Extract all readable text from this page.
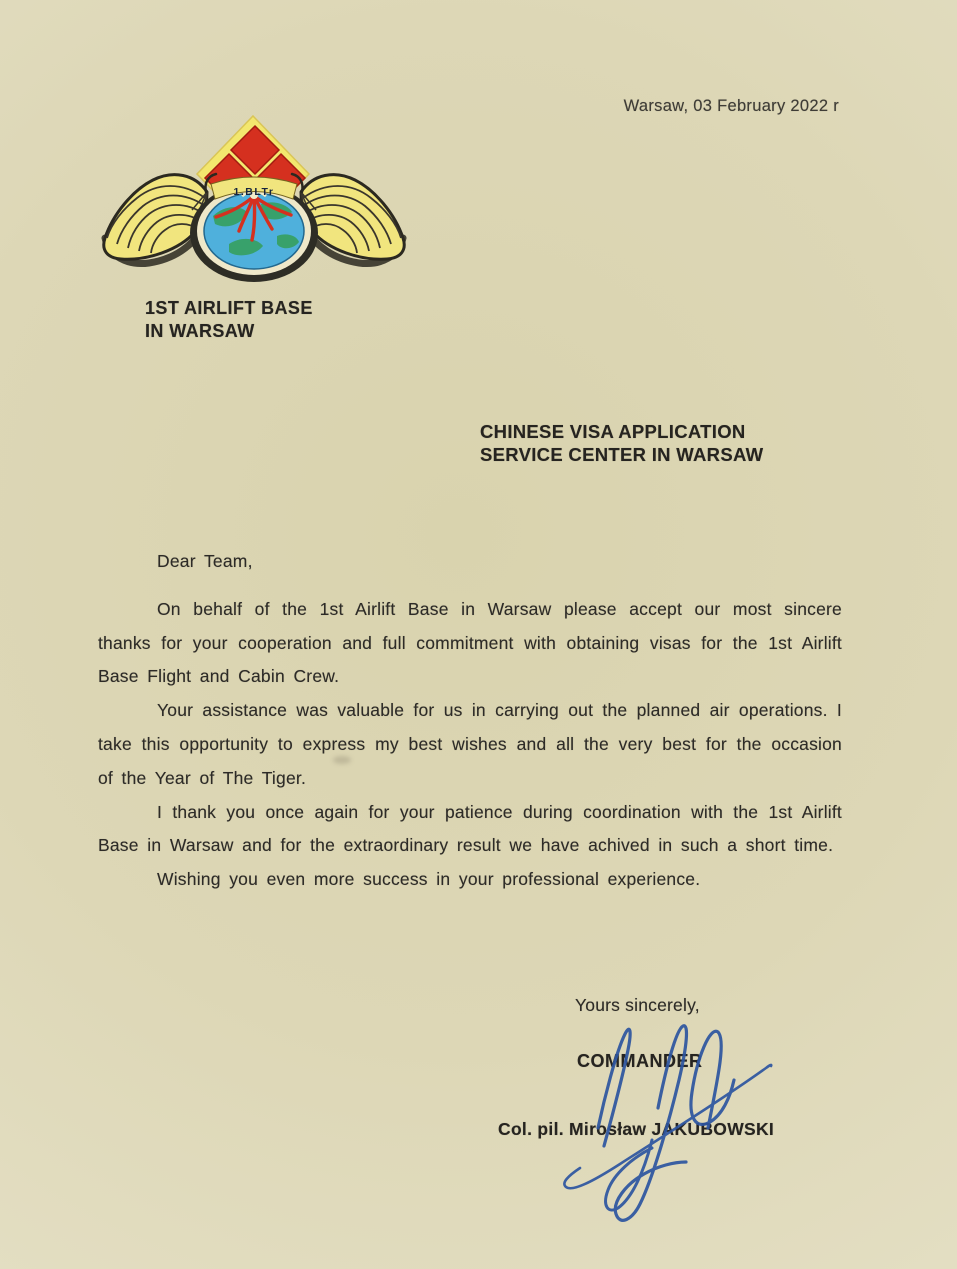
Warsaw, 03 February 2022 r
1.BLTr
1ST AIRLIFT BASE
IN WARSAW
CHINESE VISA APPLICATION
SERVICE CENTER IN WARSAW
Dear Team,

On behalf of the 1st Airlift Base in Warsaw please accept our most sincere thanks for your cooperation and full commitment with obtaining visas for the 1st Airlift Base Flight and Cabin Crew.

Your assistance was valuable for us in carrying out the planned air operations. I take this opportunity to express my best wishes and all the very best for the occasion of the Year of The Tiger.

I thank you once again for your patience during coordination with the 1st Airlift Base in Warsaw and for the extraordinary result we have achived in such a short time.

Wishing you even more success in your professional experience.

Yours sincerely,
COMMANDER
Col. pil. Mirosław JAKUBOWSKI
